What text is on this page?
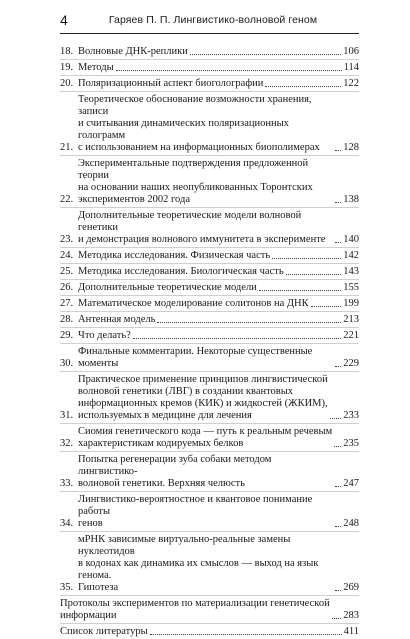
4	Гаряев П. П. Лингвистико-волновой геном
18. Волновые ДНК-реплики	106
19. Методы	114
20. Поляризационный аспект биоголографии	122
21.
Теоретическое обоснование возможности хранения, записи
и считывания динамических поляризационных голограмм
с использованием на информационных биополимерах	128
22.
Экспериментальные подтверждения предложенной теории
на основании наших неопубликованных Торонтских
экспериментов 2002 года	138
23.
Дополнительные теоретические модели волновой генетики
и демонстрация волнового иммунитета в эксперименте	140
24. Методика исследования. Физическая часть	142
25. Методика исследования. Биологическая часть	143
26. Дополнительные теоретические модели	155
27. Математическое моделирование солитонов на ДНК	199
28. Антенная модель	213
29. Что делать?	221
30.
Финальные комментарии. Некоторые существенные моменты	229
31.
Практическое применение принципов лингвистической
волновой генетики (ЛВГ) в создании квантовых
информационных кремов (КИК) и жидкостей (ЖКИМ),
используемых в медицине для лечения	233
32.
Сиомия генетического кода — путь к реальным речевым
характеристикам кодируемых белков	235
33.
Попытка регенерации зуба собаки методом лингвистико-
волновой генетики. Верхняя челюсть	247
34.
Лингвистико-вероятностное и квантовое понимание работы
генов	248
35.
мРНК зависимые виртуально-реальные замены нуклеотидов
в кодонах как динамика их смыслов — выход на язык генома.
Гипотеза	269
Протоколы экспериментов по материализации генетической
информации	283
Список литературы	411
